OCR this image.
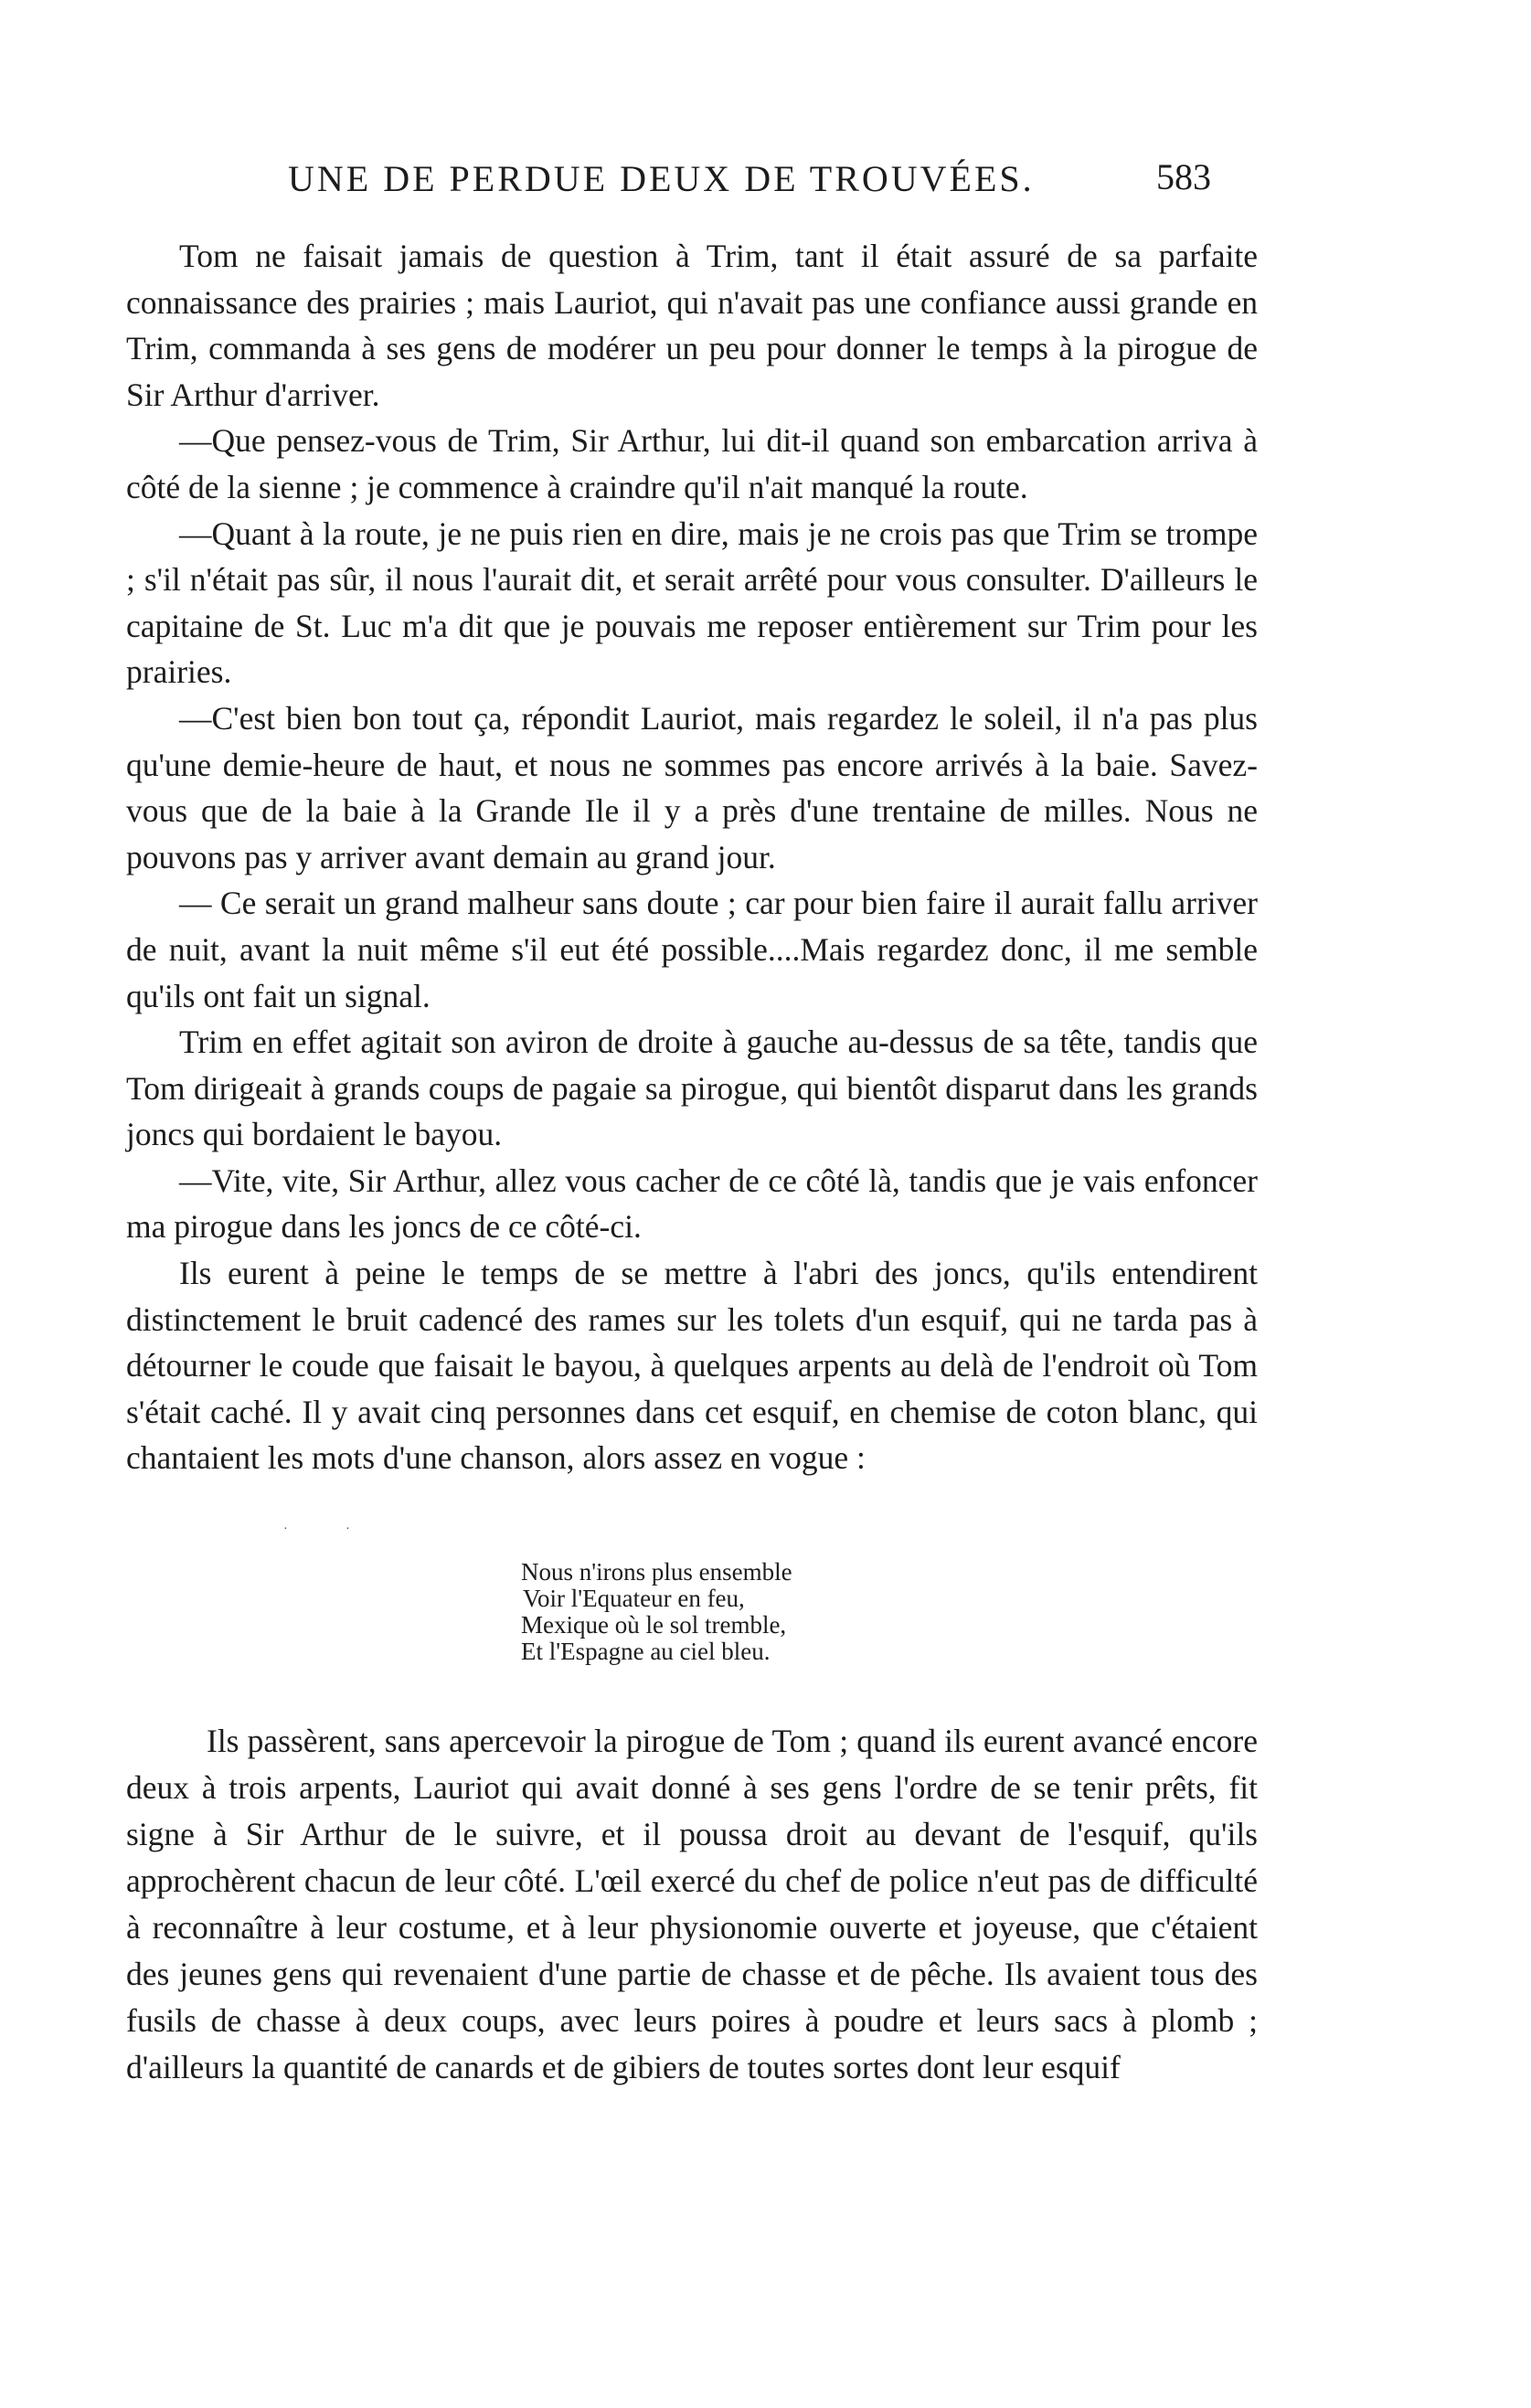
UNE DE PERDUE DEUX DE TROUVÉES.	583

Tom ne faisait jamais de question à Trim, tant il était assuré de sa parfaite connaissance des prairies ; mais Lauriot, qui n'avait pas une confiance aussi grande en Trim, commanda à ses gens de modérer un peu pour donner le temps à la pirogue de Sir Arthur d'arriver.

—Que pensez-vous de Trim, Sir Arthur, lui dit-il quand son embarcation arriva à côté de la sienne ; je commence à craindre qu'il n'ait manqué la route.

—Quant à la route, je ne puis rien en dire, mais je ne crois pas que Trim se trompe ; s'il n'était pas sûr, il nous l'aurait dit, et serait arrêté pour vous consulter. D'ailleurs le capitaine de St. Luc m'a dit que je pouvais me reposer entièrement sur Trim pour les prairies.

—C'est bien bon tout ça, répondit Lauriot, mais regardez le soleil, il n'a pas plus qu'une demie-heure de haut, et nous ne sommes pas encore arrivés à la baie. Savez-vous que de la baie à la Grande Ile il y a près d'une trentaine de milles. Nous ne pouvons pas y arriver avant demain au grand jour.

— Ce serait un grand malheur sans doute ; car pour bien faire il aurait fallu arriver de nuit, avant la nuit même s'il eut été possible....Mais regardez donc, il me semble qu'ils ont fait un signal.

Trim en effet agitait son aviron de droite à gauche au-dessus de sa tête, tandis que Tom dirigeait à grands coups de pagaie sa pirogue, qui bientôt disparut dans les grands joncs qui bordaient le bayou.

—Vite, vite, Sir Arthur, allez vous cacher de ce côté là, tandis que je vais enfoncer ma pirogue dans les joncs de ce côté-ci.

Ils eurent à peine le temps de se mettre à l'abri des joncs, qu'ils entendirent distinctement le bruit cadencé des rames sur les tolets d'un esquif, qui ne tarda pas à détourner le coude que faisait le bayou, à quelques arpents au delà de l'endroit où Tom s'était caché. Il y avait cinq personnes dans cet esquif, en chemise de coton blanc, qui chantaient les mots d'une chanson, alors assez en vogue :

· ·
Nous n'irons plus ensemble
Voir l'Equateur en feu,
Mexique où le sol tremble,
Et l'Espagne au ciel bleu.

Ils passèrent, sans apercevoir la pirogue de Tom ; quand ils eurent avancé encore deux à trois arpents, Lauriot qui avait donné à ses gens l'ordre de se tenir prêts, fit signe à Sir Arthur de le suivre, et il poussa droit au devant de l'esquif, qu'ils approchèrent chacun de leur côté. L'œil exercé du chef de police n'eut pas de difficulté à reconnaître à leur costume, et à leur physionomie ouverte et joyeuse, que c'étaient des jeunes gens qui revenaient d'une partie de chasse et de pêche. Ils avaient tous des fusils de chasse à deux coups, avec leurs poires à poudre et leurs sacs à plomb ; d'ailleurs la quantité de canards et de gibiers de toutes sortes dont leur esquif
